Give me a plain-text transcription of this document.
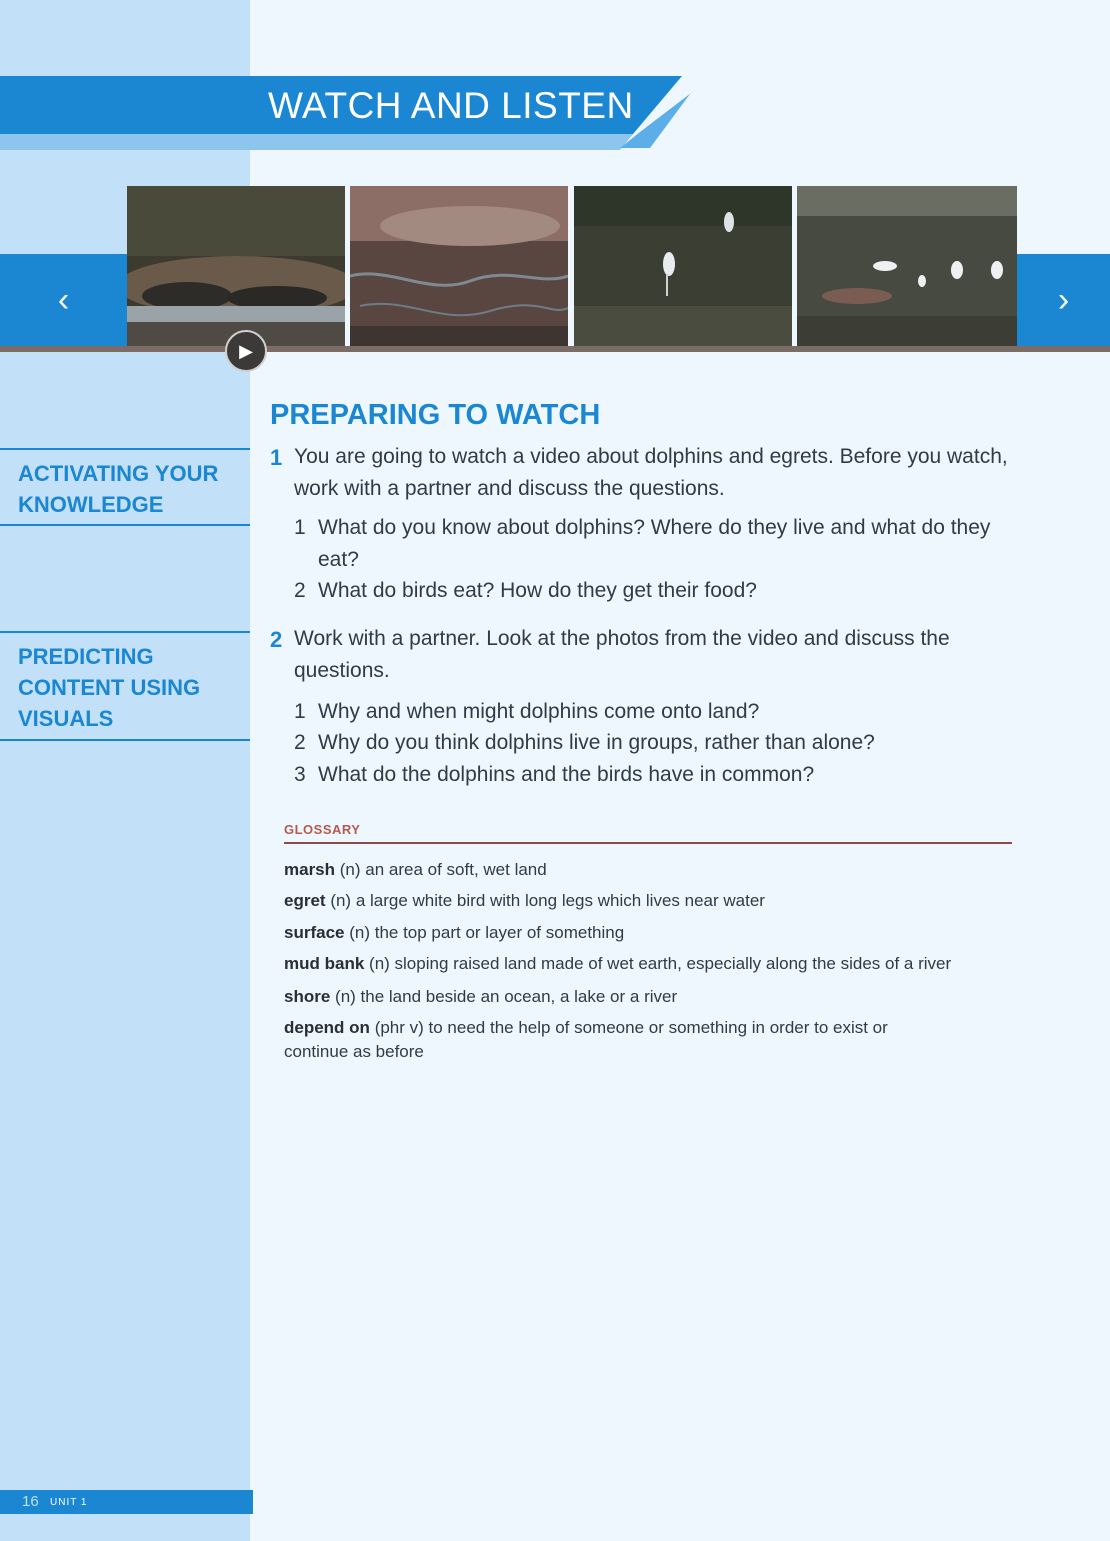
WATCH AND LISTEN
‹	›
▶
ACTIVATING YOUR KNOWLEDGE
PREDICTING CONTENT USING VISUALS
PREPARING TO WATCH
1 You are going to watch a video about dolphins and egrets. Before you watch, work with a partner and discuss the questions.
1 What do you know about dolphins? Where do they live and what do they eat?
2 What do birds eat? How do they get their food?
2 Work with a partner. Look at the photos from the video and discuss the questions.
1 Why and when might dolphins come onto land?
2 Why do you think dolphins live in groups, rather than alone?
3 What do the dolphins and the birds have in common?
GLOSSARY
marsh (n) an area of soft, wet land
egret (n) a large white bird with long legs which lives near water
surface (n) the top part or layer of something
mud bank (n) sloping raised land made of wet earth, especially along the sides of a river
shore (n) the land beside an ocean, a lake or a river
depend on (phr v) to need the help of someone or something in order to exist or continue as before
16 UNIT 1
